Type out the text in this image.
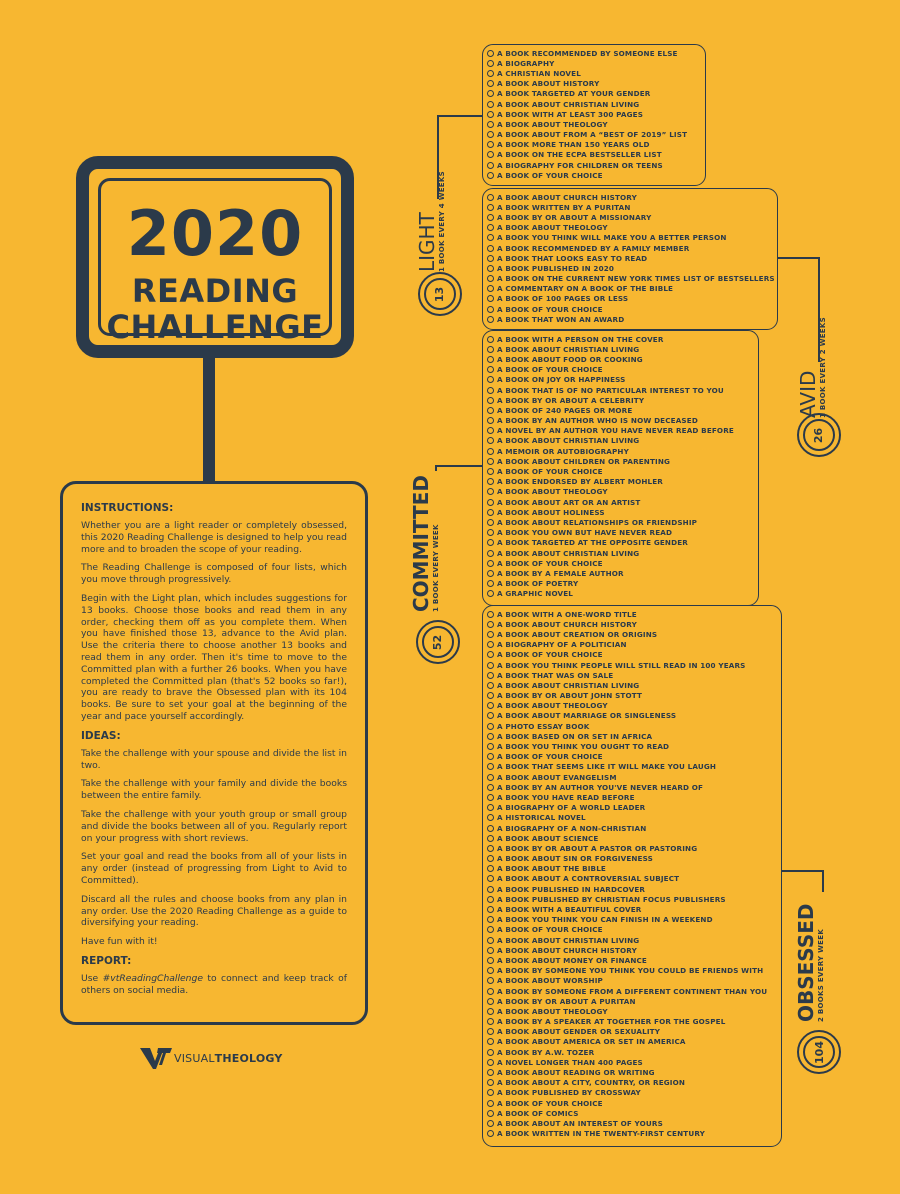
2020
READING
CHALLENGE
INSTRUCTIONS:

Whether you are a light reader or completely obsessed, this 2020 Reading Challenge is designed to help you read more and to broaden the scope of your reading.

The Reading Challenge is composed of four lists, which you move through progressively.

Begin with the Light plan, which includes suggestions for 13 books. Choose those books and read them in any order, checking them off as you complete them. When you have finished those 13, advance to the Avid plan. Use the criteria there to choose another 13 books and read them in any order. Then it's time to move to the Committed plan with a further 26 books. When you have completed the Committed plan (that's 52 books so far!), you are ready to brave the Obsessed plan with its 104 books. Be sure to set your goal at the beginning of the year and pace yourself accordingly.

IDEAS:

Take the challenge with your spouse and divide the list in two.

Take the challenge with your family and divide the books between the entire family.

Take the challenge with your youth group or small group and divide the books between all of you. Regularly report on your progress with short reviews.

Set your goal and read the books from all of your lists in any order (instead of progressing from Light to Avid to Committed).

Discard all the rules and choose books from any plan in any order. Use the 2020 Reading Challenge as a guide to diversifying your reading.

Have fun with it!

REPORT:

Use #vtReadingChallenge to connect and keep track of others on social media.

VISUALTHEOLOGY
LIGHT 1 BOOK EVERY 4 WEEKS
13
AVID 1 BOOK EVERY 2 WEEKS
26
COMMITTED 1 BOOK EVERY WEEK
52
OBSESSED 2 BOOKS EVERY WEEK
104
A BOOK RECOMMENDED BY SOMEONE ELSE
A BIOGRAPHY
A CHRISTIAN NOVEL
A BOOK ABOUT HISTORY
A BOOK TARGETED AT YOUR GENDER
A BOOK ABOUT CHRISTIAN LIVING
A BOOK WITH AT LEAST 300 PAGES
A BOOK ABOUT THEOLOGY
A BOOK ABOUT FROM A “BEST OF 2019” LIST
A BOOK MORE THAN 150 YEARS OLD
A BOOK ON THE ECPA BESTSELLER LIST
A BIOGRAPHY FOR CHILDREN OR TEENS
A BOOK OF YOUR CHOICE
A BOOK ABOUT CHURCH HISTORY
A BOOK WRITTEN BY A PURITAN
A BOOK BY OR ABOUT A MISSIONARY
A BOOK ABOUT THEOLOGY
A BOOK YOU THINK WILL MAKE YOU A BETTER PERSON
A BOOK RECOMMENDED BY A FAMILY MEMBER
A BOOK THAT LOOKS EASY TO READ
A BOOK PUBLISHED IN 2020
A BOOK ON THE CURRENT NEW YORK TIMES LIST OF BESTSELLERS
A COMMENTARY ON A BOOK OF THE BIBLE
A BOOK OF 100 PAGES OR LESS
A BOOK OF YOUR CHOICE
A BOOK THAT WON AN AWARD
A BOOK WITH A PERSON ON THE COVER
A BOOK ABOUT CHRISTIAN LIVING
A BOOK ABOUT FOOD OR COOKING
A BOOK OF YOUR CHOICE
A BOOK ON JOY OR HAPPINESS
A BOOK THAT IS OF NO PARTICULAR INTEREST TO YOU
A BOOK BY OR ABOUT A CELEBRITY
A BOOK OF 240 PAGES OR MORE
A BOOK BY AN AUTHOR WHO IS NOW DECEASED
A NOVEL BY AN AUTHOR YOU HAVE NEVER READ BEFORE
A BOOK ABOUT CHRISTIAN LIVING
A MEMOIR OR AUTOBIOGRAPHY
A BOOK ABOUT CHILDREN OR PARENTING
A BOOK OF YOUR CHOICE
A BOOK ENDORSED BY ALBERT MOHLER
A BOOK ABOUT THEOLOGY
A BOOK ABOUT ART OR AN ARTIST
A BOOK ABOUT HOLINESS
A BOOK ABOUT RELATIONSHIPS OR FRIENDSHIP
A BOOK YOU OWN BUT HAVE NEVER READ
A BOOK TARGETED AT THE OPPOSITE GENDER
A BOOK ABOUT CHRISTIAN LIVING
A BOOK OF YOUR CHOICE
A BOOK BY A FEMALE AUTHOR
A BOOK OF POETRY
A GRAPHIC NOVEL
A BOOK WITH A ONE-WORD TITLE
A BOOK ABOUT CHURCH HISTORY
A BOOK ABOUT CREATION OR ORIGINS
A BIOGRAPHY OF A POLITICIAN
A BOOK OF YOUR CHOICE
A BOOK YOU THINK PEOPLE WILL STILL READ IN 100 YEARS
A BOOK THAT WAS ON SALE
A BOOK ABOUT CHRISTIAN LIVING
A BOOK BY OR ABOUT JOHN STOTT
A BOOK ABOUT THEOLOGY
A BOOK ABOUT MARRIAGE OR SINGLENESS
A PHOTO ESSAY BOOK
A BOOK BASED ON OR SET IN AFRICA
A BOOK YOU THINK YOU OUGHT TO READ
A BOOK OF YOUR CHOICE
A BOOK THAT SEEMS LIKE IT WILL MAKE YOU LAUGH
A BOOK ABOUT EVANGELISM
A BOOK BY AN AUTHOR YOU'VE NEVER HEARD OF
A BOOK YOU HAVE READ BEFORE
A BIOGRAPHY OF A WORLD LEADER
A HISTORICAL NOVEL
A BIOGRAPHY OF A NON-CHRISTIAN
A BOOK ABOUT SCIENCE
A BOOK BY OR ABOUT A PASTOR OR PASTORING
A BOOK ABOUT SIN OR FORGIVENESS
A BOOK ABOUT THE BIBLE
A BOOK ABOUT A CONTROVERSIAL SUBJECT
A BOOK PUBLISHED IN HARDCOVER
A BOOK PUBLISHED BY CHRISTIAN FOCUS PUBLISHERS
A BOOK WITH A BEAUTIFUL COVER
A BOOK YOU THINK YOU CAN FINISH IN A WEEKEND
A BOOK OF YOUR CHOICE
A BOOK ABOUT CHRISTIAN LIVING
A BOOK ABOUT CHURCH HISTORY
A BOOK ABOUT MONEY OR FINANCE
A BOOK BY SOMEONE YOU THINK YOU COULD BE FRIENDS WITH
A BOOK ABOUT WORSHIP
A BOOK BY SOMEONE FROM A DIFFERENT CONTINENT THAN YOU
A BOOK BY OR ABOUT A PURITAN
A BOOK ABOUT THEOLOGY
A BOOK BY A SPEAKER AT TOGETHER FOR THE GOSPEL
A BOOK ABOUT GENDER OR SEXUALITY
A BOOK ABOUT AMERICA OR SET IN AMERICA
A BOOK BY A.W. TOZER
A NOVEL LONGER THAN 400 PAGES
A BOOK ABOUT READING OR WRITING
A BOOK ABOUT A CITY, COUNTRY, OR REGION
A BOOK PUBLISHED BY CROSSWAY
A BOOK OF YOUR CHOICE
A BOOK OF COMICS
A BOOK ABOUT AN INTEREST OF YOURS
A BOOK WRITTEN IN THE TWENTY-FIRST CENTURY
